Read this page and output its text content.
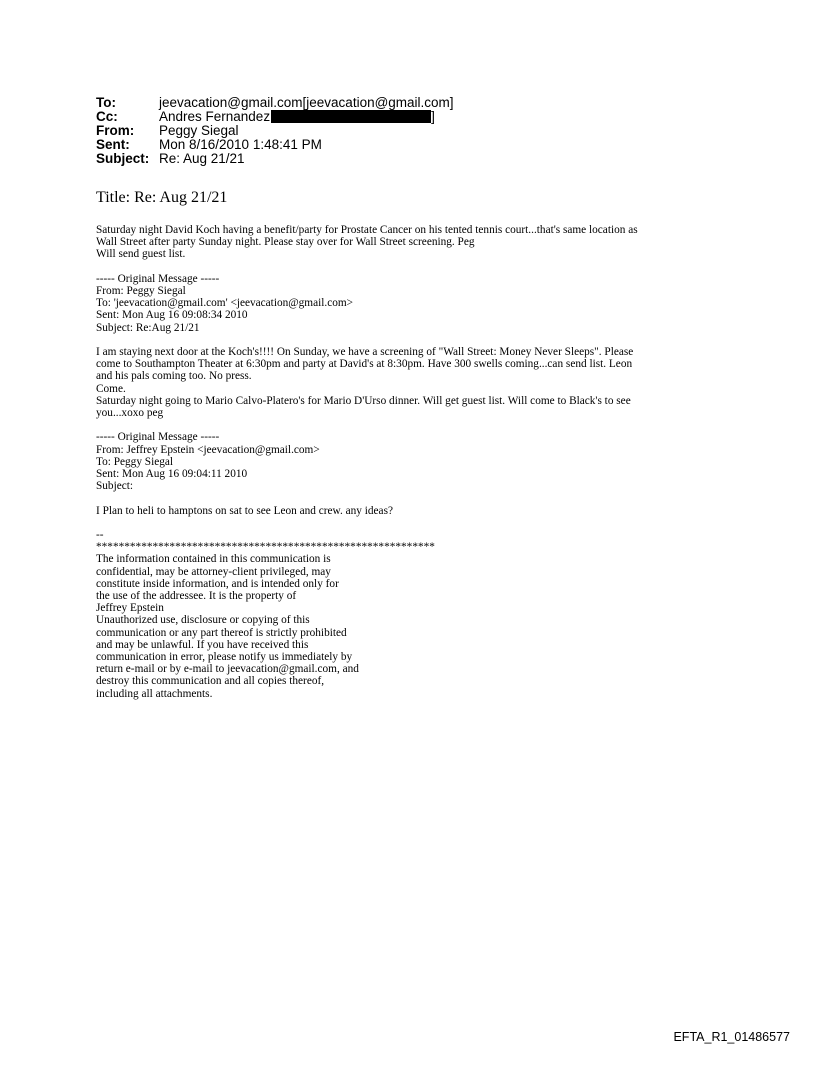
To:	jeevacation@gmail.com[jeevacation@gmail.com]
Cc:	Andres Fernandez	]
From:	Peggy Siegal
Sent:	Mon 8/16/2010 1:48:41 PM
Subject: Re: Aug 21/21
Title: Re: Aug 21/21
Saturday night David Koch having a benefit/party for Prostate Cancer on his tented tennis court...that's same location as
Wall Street after party Sunday night. Please stay over for Wall Street screening. Peg
Will send guest list.
----- Original Message -----
From: Peggy Siegal
To: 'jeevacation@gmail.com' <jeevacation@gmail.com>
Sent: Mon Aug 16 09:08:34 2010
Subject: Re:Aug 21/21
I am staying next door at the Koch's!!!! On Sunday, we have a screening of "Wall Street: Money Never Sleeps". Please
come to Southampton Theater at 6:30pm and party at David's at 8:30pm. Have 300 swells coming...can send list. Leon
and his pals coming too. No press.
Come.
Saturday night going to Mario Calvo-Platero's for Mario D'Urso dinner. Will get guest list. Will come to Black's to see
you...xoxo peg
----- Original Message -----
From: Jeffrey Epstein <jeevacation@gmail.com>
To: Peggy Siegal
Sent: Mon Aug 16 09:04:11 2010
Subject:
I Plan to heli to hamptons on sat to see Leon and crew. any ideas?
--
************************************************************
The information contained in this communication is
confidential, may be attorney-client privileged, may
constitute inside information, and is intended only for
the use of the addressee. It is the property of
Jeffrey Epstein
Unauthorized use, disclosure or copying of this
communication or any part thereof is strictly prohibited
and may be unlawful. If you have received this
communication in error, please notify us immediately by
return e-mail or by e-mail to jeevacation@gmail.com, and
destroy this communication and all copies thereof,
including all attachments.
EFTA_R1_01486577
